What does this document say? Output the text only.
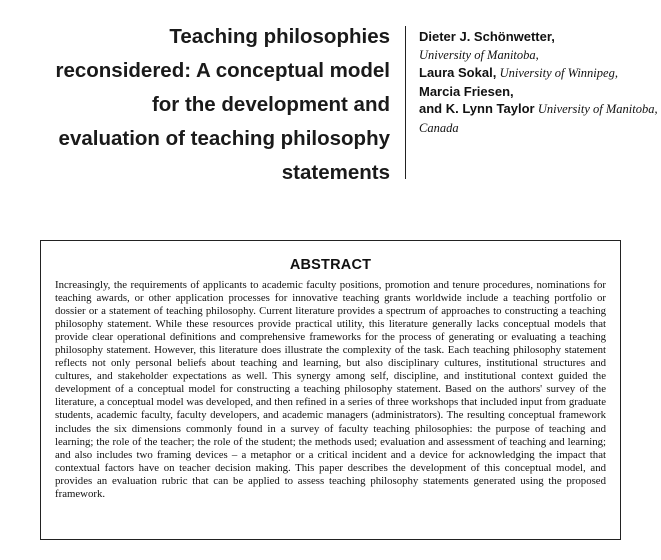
Teaching philosophies
reconsidered: A conceptual model
for the development and
evaluation of teaching philosophy
statements
Dieter J. Schönwetter,
University of Manitoba,
Laura Sokal, University of Winnipeg, Marcia Friesen,
and K. Lynn Taylor University of Manitoba, Canada
ABSTRACT

Increasingly, the requirements of applicants to academic faculty positions, promotion and tenure procedures, nominations for teaching awards, or other application processes for innovative teaching grants worldwide include a teaching portfolio or dossier or a statement of teaching philosophy. Current literature provides a spectrum of approaches to constructing a teaching philosophy statement. While these resources provide practical utility, this literature generally lacks conceptual models that provide clear operational definitions and comprehensive frameworks for the process of generating or evaluating a teaching philosophy statement. However, this literature does illustrate the complexity of the task. Each teaching philosophy statement reflects not only personal beliefs about teaching and learning, but also disciplinary cultures, institutional structures and cultures, and stakeholder expectations as well. This synergy among self, discipline, and institutional context guided the development of a conceptual model for constructing a teaching philosophy statement. Based on the authors' survey of the literature, a conceptual model was developed, and then refined in a series of three workshops that included input from graduate students, academic faculty, faculty developers, and academic managers (administrators). The resulting conceptual framework includes the six dimensions commonly found in a survey of faculty teaching philosophies: the purpose of teaching and learning; the role of the teacher; the role of the student; the methods used; evaluation and assessment of teaching and learning; and also includes two framing devices – a metaphor or a critical incident and a device for acknowledging the impact that contextual factors have on teacher decision making. This paper describes the development of this conceptual model, and provides an evaluation rubric that can be applied to assess teaching philosophy statements generated using the proposed framework.
